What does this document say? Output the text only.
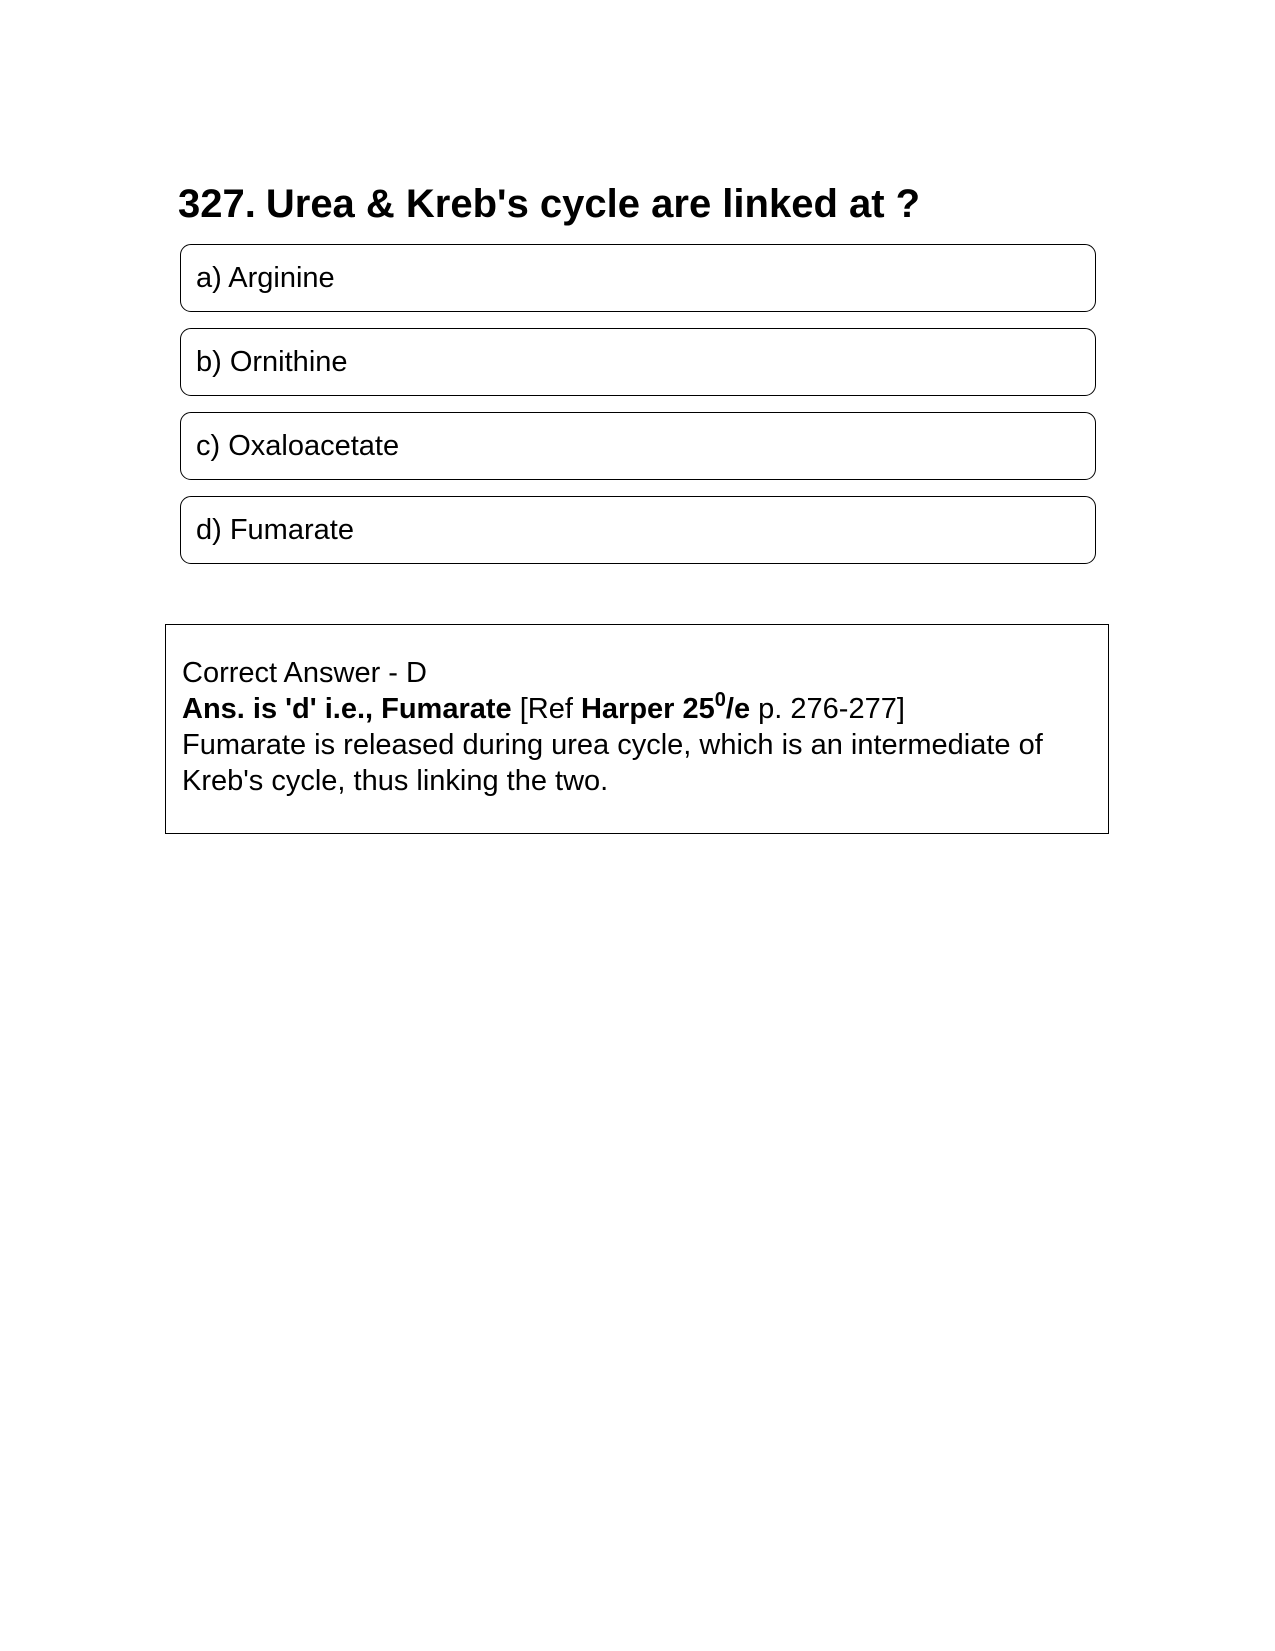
327. Urea & Kreb's cycle are linked at ?
a) Arginine
b) Ornithine
c) Oxaloacetate
d) Fumarate

Correct Answer - D

Ans. is 'd' i.e., Fumarate [Ref Harper $25^0/e$ p. 276-277]

Fumarate is released during urea cycle, which is an intermediate of Kreb's cycle, thus linking the two.
